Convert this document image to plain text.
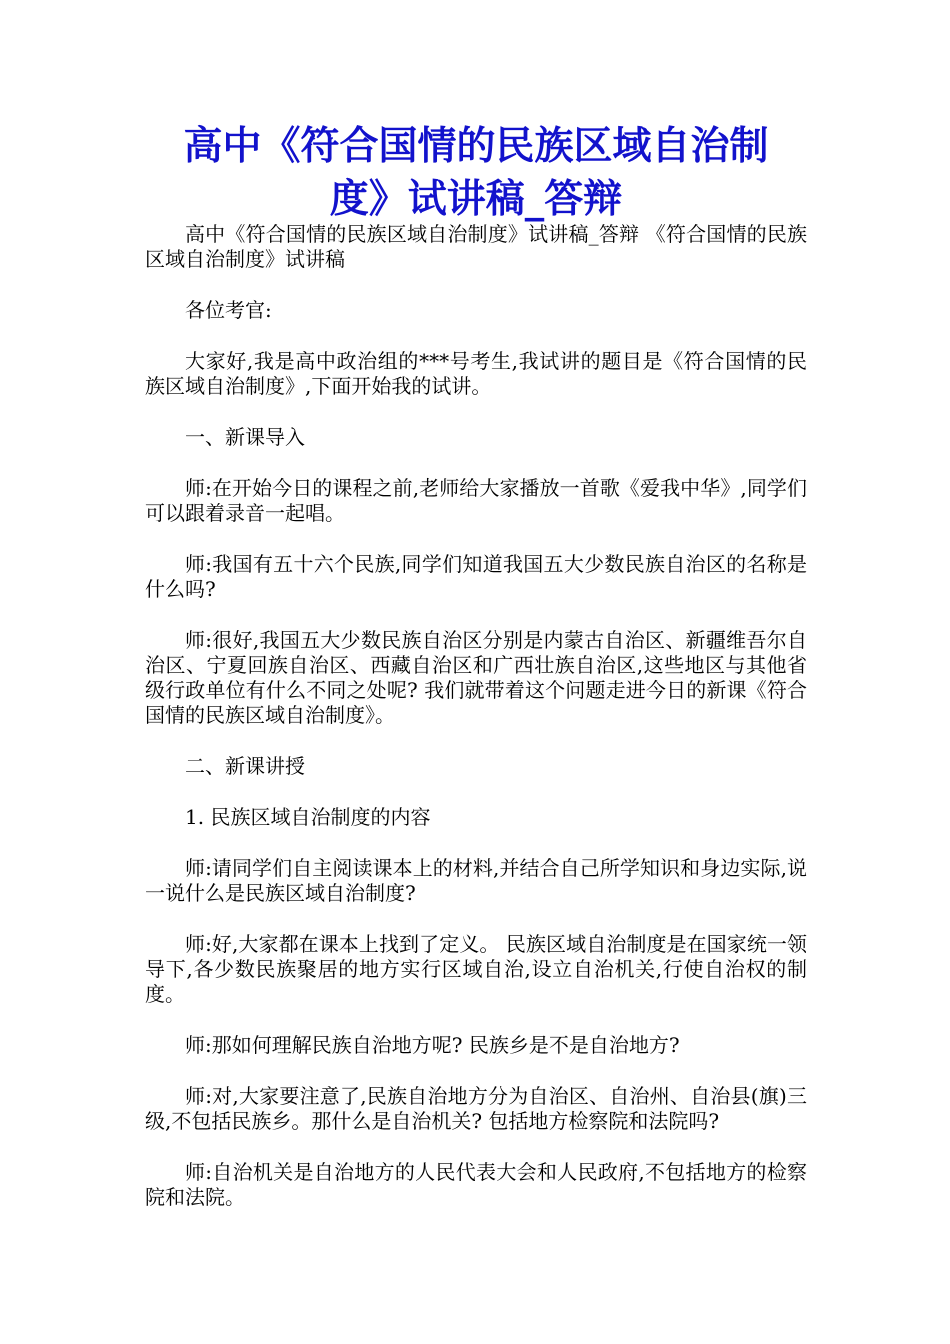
高中《符合国情的民族区域自治制
度》试讲稿_答辩

高中《符合国情的民族区域自治制度》试讲稿_答辩 《符合国情的民族区域自治制度》试讲稿

各位考官:

大家好,我是高中政治组的***号考生,我试讲的题目是《符合国情的民族区域自治制度》,下面开始我的试讲。

一、新课导入

师:在开始今日的课程之前,老师给大家播放一首歌《爱我中华》,同学们可以跟着录音一起唱。

师:我国有五十六个民族,同学们知道我国五大少数民族自治区的名称是什么吗?

师:很好,我国五大少数民族自治区分别是内蒙古自治区、新疆维吾尔自治区、宁夏回族自治区、西藏自治区和广西壮族自治区,这些地区与其他省级行政单位有什么不同之处呢? 我们就带着这个问题走进今日的新课《符合国情的民族区域自治制度》。

二、新课讲授

1. 民族区域自治制度的内容

师:请同学们自主阅读课本上的材料,并结合自己所学知识和身边实际,说一说什么是民族区域自治制度?

师:好,大家都在课本上找到了定义。 民族区域自治制度是在国家统一领导下,各少数民族聚居的地方实行区域自治,设立自治机关,行使自治权的制度。

师:那如何理解民族自治地方呢? 民族乡是不是自治地方?

师:对,大家要注意了,民族自治地方分为自治区、自治州、自治县(旗)三级,不包括民族乡。那什么是自治机关? 包括地方检察院和法院吗?

师:自治机关是自治地方的人民代表大会和人民政府,不包括地方的检察院和法院。
